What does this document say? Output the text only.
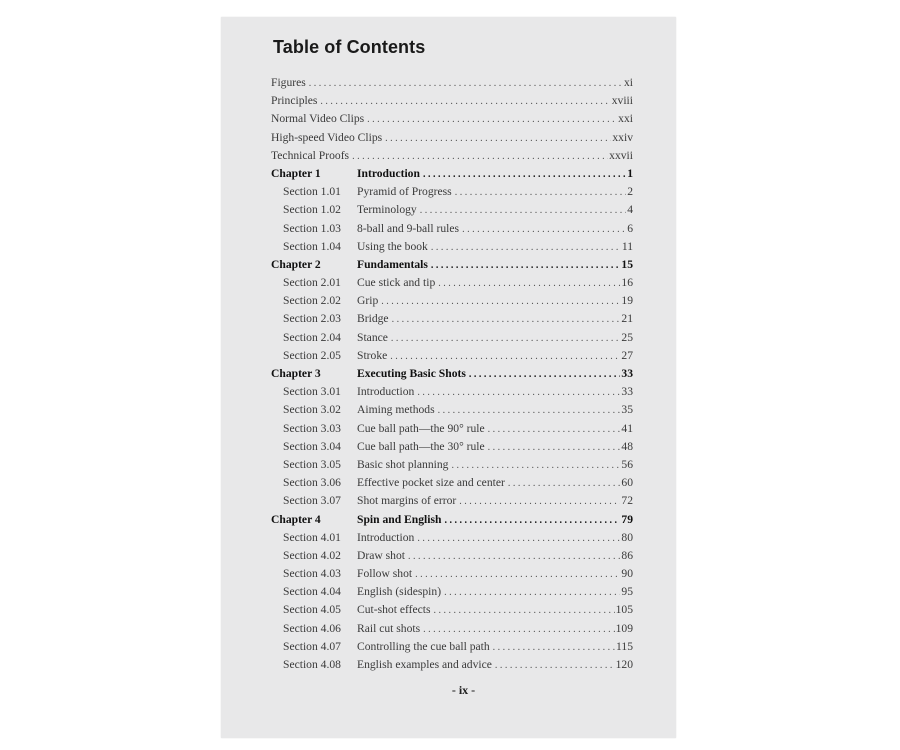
Table of Contents
Figures . . .	xi
Principles . . .	xviii
Normal Video Clips . . .	xxi
High-speed Video Clips . . .	xxiv
Technical Proofs . . .	xxvii
Chapter 1	Introduction . . .	1
Section 1.01	Pyramid of Progress . . .	2
Section 1.02	Terminology . . .	4
Section 1.03	8-ball and 9-ball rules . . .	6
Section 1.04	Using the book . . .	11
Chapter 2	Fundamentals . . .	15
Section 2.01	Cue stick and tip . . .	16
Section 2.02	Grip . . .	19
Section 2.03	Bridge . . .	21
Section 2.04	Stance . . .	25
Section 2.05	Stroke . . .	27
Chapter 3	Executing Basic Shots . . .	33
Section 3.01	Introduction . . .	33
Section 3.02	Aiming methods . . .	35
Section 3.03	Cue ball path—the 90° rule . . .	41
Section 3.04	Cue ball path—the 30° rule . . .	48
Section 3.05	Basic shot planning . . .	56
Section 3.06	Effective pocket size and center . . .	60
Section 3.07	Shot margins of error . . .	72
Chapter 4	Spin and English . . .	79
Section 4.01	Introduction . . .	80
Section 4.02	Draw shot . . .	86
Section 4.03	Follow shot . . .	90
Section 4.04	English (sidespin) . . .	95
Section 4.05	Cut-shot effects . . .	105
Section 4.06	Rail cut shots . . .	109
Section 4.07	Controlling the cue ball path . . .	115
Section 4.08	English examples and advice . . .	120
- ix -
